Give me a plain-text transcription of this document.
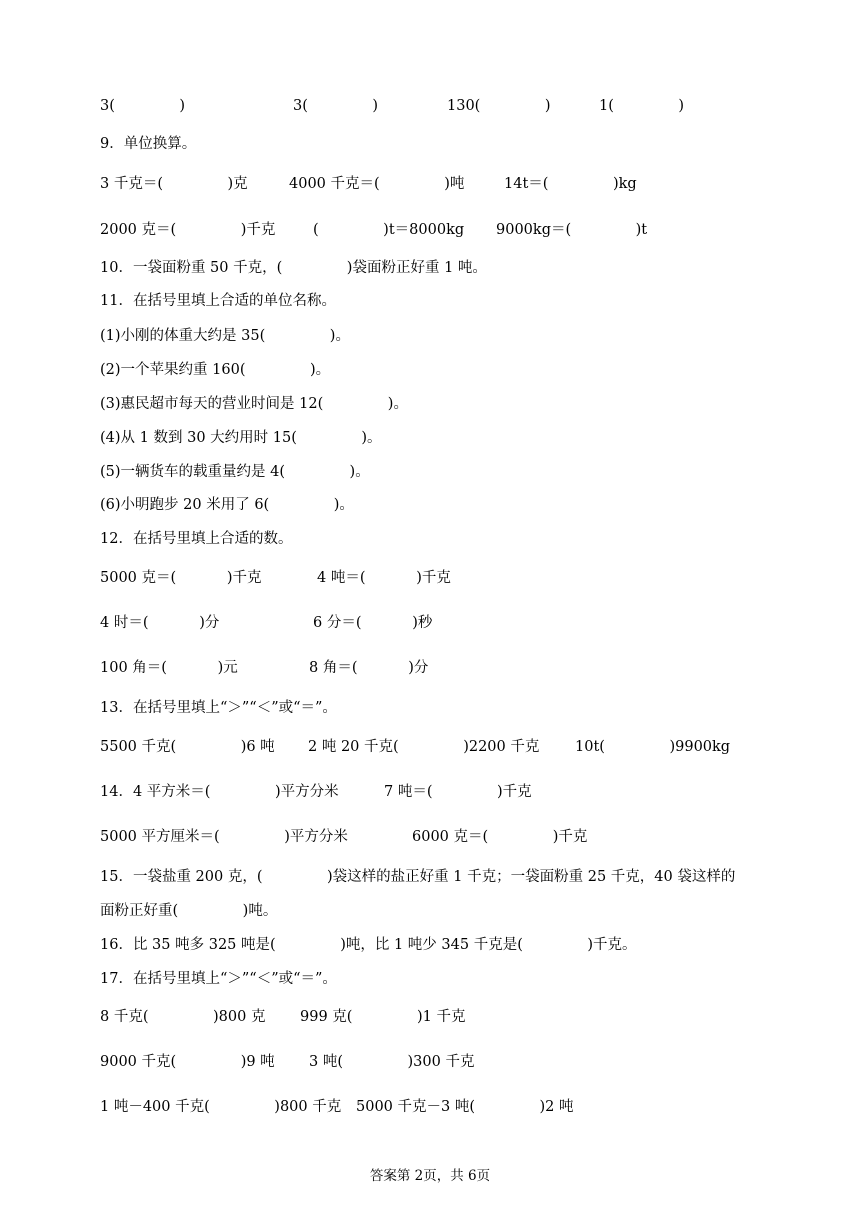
3(              )

	3(              )

	130(              )

	1(              )

9．单位换算。

3 千克＝(              )克

	4000 千克＝(              )吨

	14t＝(              )kg

2000 克＝(              )千克

	(              )t＝8000kg

9000kg＝(              )t

10．一袋面粉重 50 千克，(              )袋面粉正好重 1 吨。
11．在括号里填上合适的单位名称。
(1)小刚的体重大约是 35(              )。
(2)一个苹果约重 160(              )。
(3)惠民超市每天的营业时间是 12(              )。
(4)从 1 数到 30 大约用时 15(              )。
(5)一辆货车的载重量约是 4(              )。
(6)小明跑步 20 米用了 6(              )。
12．在括号里填上合适的数。

5000 克＝(           )千克

	4 吨＝(           )千克

4 时＝(           )分

	6 分＝(           )秒

100 角＝(           )元

	8 角＝(           )分

13．在括号里填上“＞”“＜”或“＝”。

5500 千克(              )6 吨

2 吨 20 千克(              )2200 千克

10t(              )9900kg

14．4 平方米＝(              )平方分米

	7 吨＝(              )千克

5000 平方厘米＝(              )平方分米

	6000 克＝(              )千克

15．一袋盐重 200 克，(              )袋这样的盐正好重 1 千克；一袋面粉重 25 千克，40 袋这样的
面粉正好重(              )吨。
16．比 35 吨多 325 吨是(              )吨，比 1 吨少 345 千克是(              )千克。
17．在括号里填上“＞”“＜”或“＝”。

8 千克(              )800 克

999 克(              )1 千克

9000 千克(              )9 吨

3 吨(              )300 千克

1 吨－400 千克(              )800 千克

5000 千克－3 吨(              )2 吨

答案第 2页，共 6页
